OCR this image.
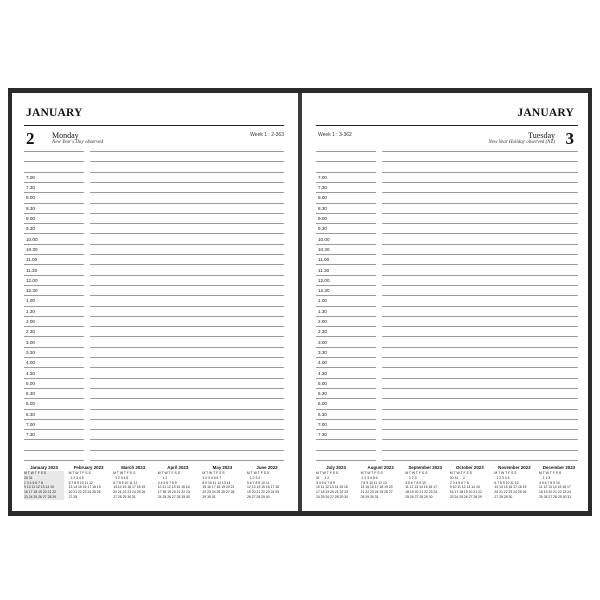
JANUARY
2 Monday
New Year's Day observed
Week 1 : 2-363
7.00
7.30
8.00
8.30
9.00
9.30
10.00
10.30
11.00
11.30
12.00
12.30
1.00
1.30
2.00
2.30
3.00
3.30
4.00
4.30
5.00
5.30
6.00
6.30
7.00
7.30
January 2023
M T W T F S S
30 31
2 3 4 5 6 7 8
9 10 11 12 13 14 15
16 17 18 19 20 21 22
23 24 25 26 27 28 29
February 2023
M T W T F S S
1 2 3 4 5
6 7 8 9 10 11 12
13 14 15 16 17 18 19
20 21 22 23 24 25 26
27 28
March 2023
M T W T F S S
1 2 3 4 5
6 7 8 9 10 11 12
13 14 15 16 17 18 19
20 21 22 23 24 25 26
27 28 29 30 31
April 2023
M T W T F S S
1 2
3 4 5 6 7 8 9
10 11 12 13 14 15 16
17 18 19 20 21 22 23
24 25 26 27 28 29 30
May 2023
M T W T F S S
1 2 3 4 5 6 7
8 9 10 11 12 13 14
15 16 17 18 19 20 21
22 23 24 25 26 27 28
29 30 31
June 2023
M T W T F S S
1 2 3 4
5 6 7 8 9 10 11
12 13 14 15 16 17 18
19 20 21 22 23 24 25
26 27 28 29 30
JANUARY
3
Tuesday
New Year Holiday observed (NZ)
Week 1 : 3-362
7.00
7.30
8.00
8.30
9.00
9.30
10.00
10.30
11.00
11.30
12.00
12.30
1.00
1.30
2.00
2.30
3.00
3.30
4.00
4.30
5.00
5.30
6.00
6.30
7.00
7.30
July 2023
M T W T F S S
31     1 2
3 4 5 6 7 8 9
10 11 12 13 14 15 16
17 18 19 20 21 22 23
24 25 26 27 28 29 30
August 2023
M T W T F S S
1 2 3 4 5 6
7 8 9 10 11 12 13
14 15 16 17 18 19 20
21 22 23 24 25 26 27
28 29 30 31
September 2023
M T W T F S S
1 2 3
4 5 6 7 8 9 10
11 12 13 14 15 16 17
18 19 20 21 22 23 24
25 26 27 28 29 30
October 2023
M T W T F S S
30 31     1
2 3 4 5 6 7 8
9 10 11 12 13 14 15
16 17 18 19 20 21 22
23 24 25 26 27 28 29
November 2023
M T W T F S S
1 2 3 4 5
6 7 8 9 10 11 12
13 14 15 16 17 18 19
20 21 22 23 24 25 26
27 28 29 30
December 2023
M T W T F S S
1 2 3
4 5 6 7 8 9 10
11 12 13 14 15 16 17
18 19 20 21 22 23 24
25 26 27 28 29 30 31
